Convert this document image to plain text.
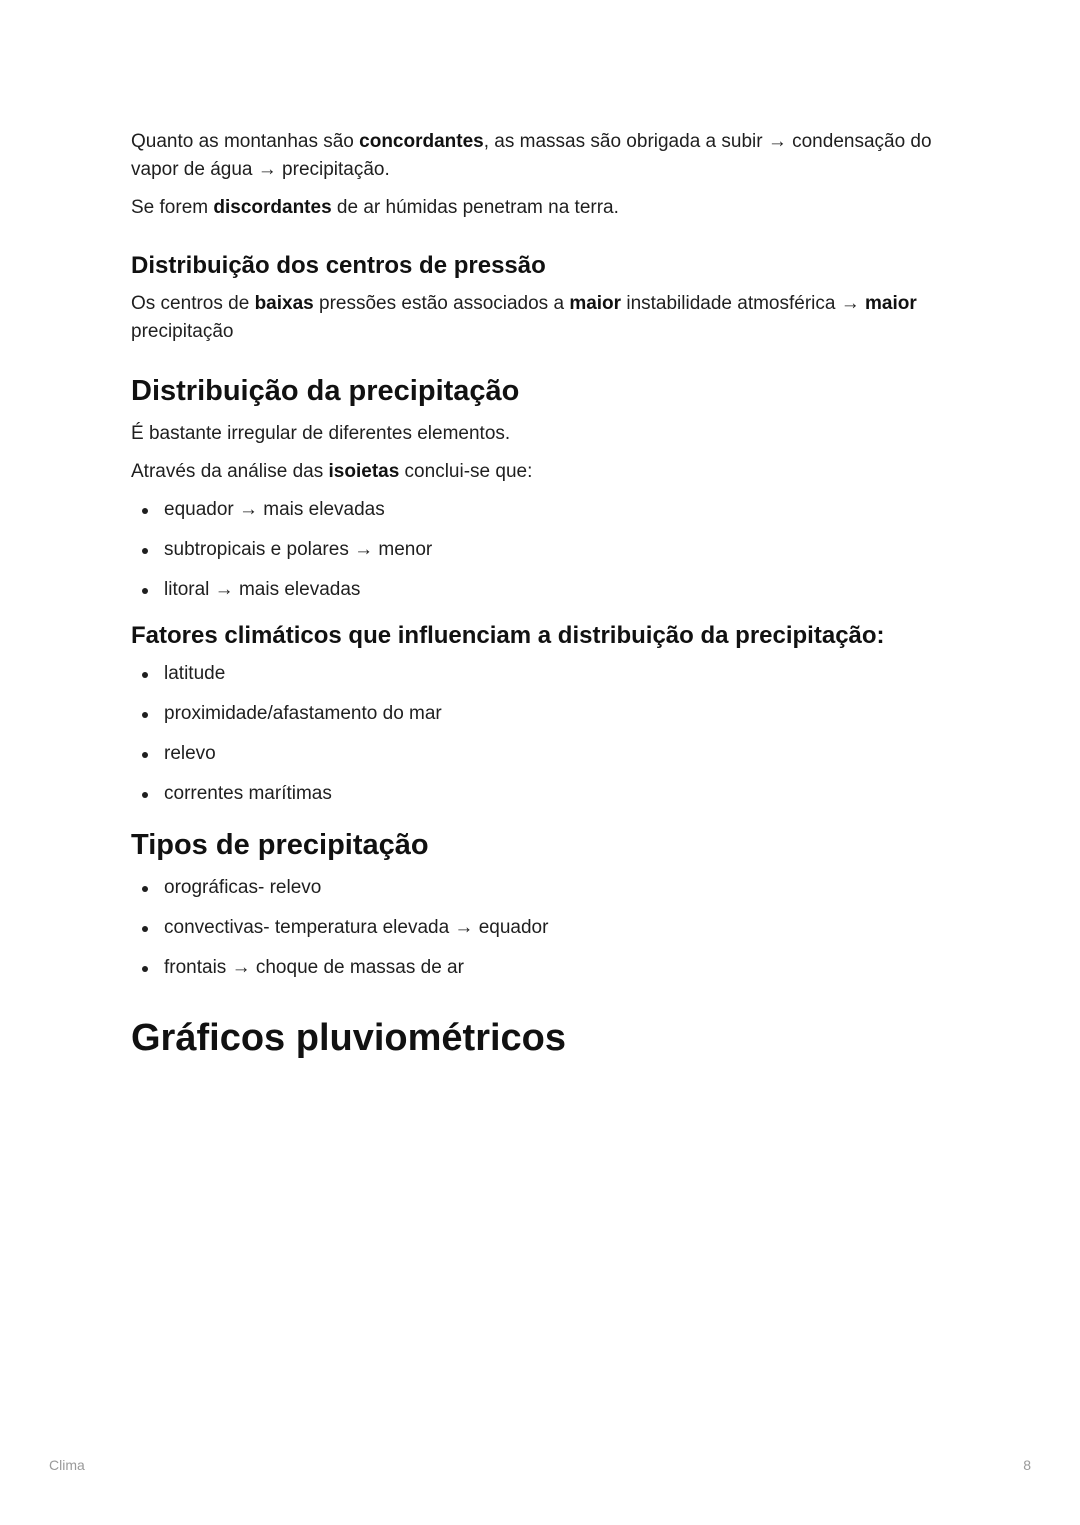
Quanto as montanhas são concordantes, as massas são obrigada a subir → condensação do vapor de água → precipitação.

Se forem discordantes de ar húmidas penetram na terra.

Distribuição dos centros de pressão

Os centros de baixas pressões estão associados a maior instabilidade atmosférica → maior precipitação

Distribuição da precipitação

É bastante irregular de diferentes elementos.

Através da análise das isoietas conclui-se que:

equador → mais elevadas
subtropicais e polares → menor
litoral → mais elevadas
Fatores climáticos que influenciam a distribuição da precipitação:
latitude
proximidade/afastamento do mar
relevo
correntes marítimas
Tipos de precipitação
orográficas- relevo
convectivas- temperatura elevada → equador
frontais → choque de massas de ar
Gráficos pluviométricos
Clima	8
